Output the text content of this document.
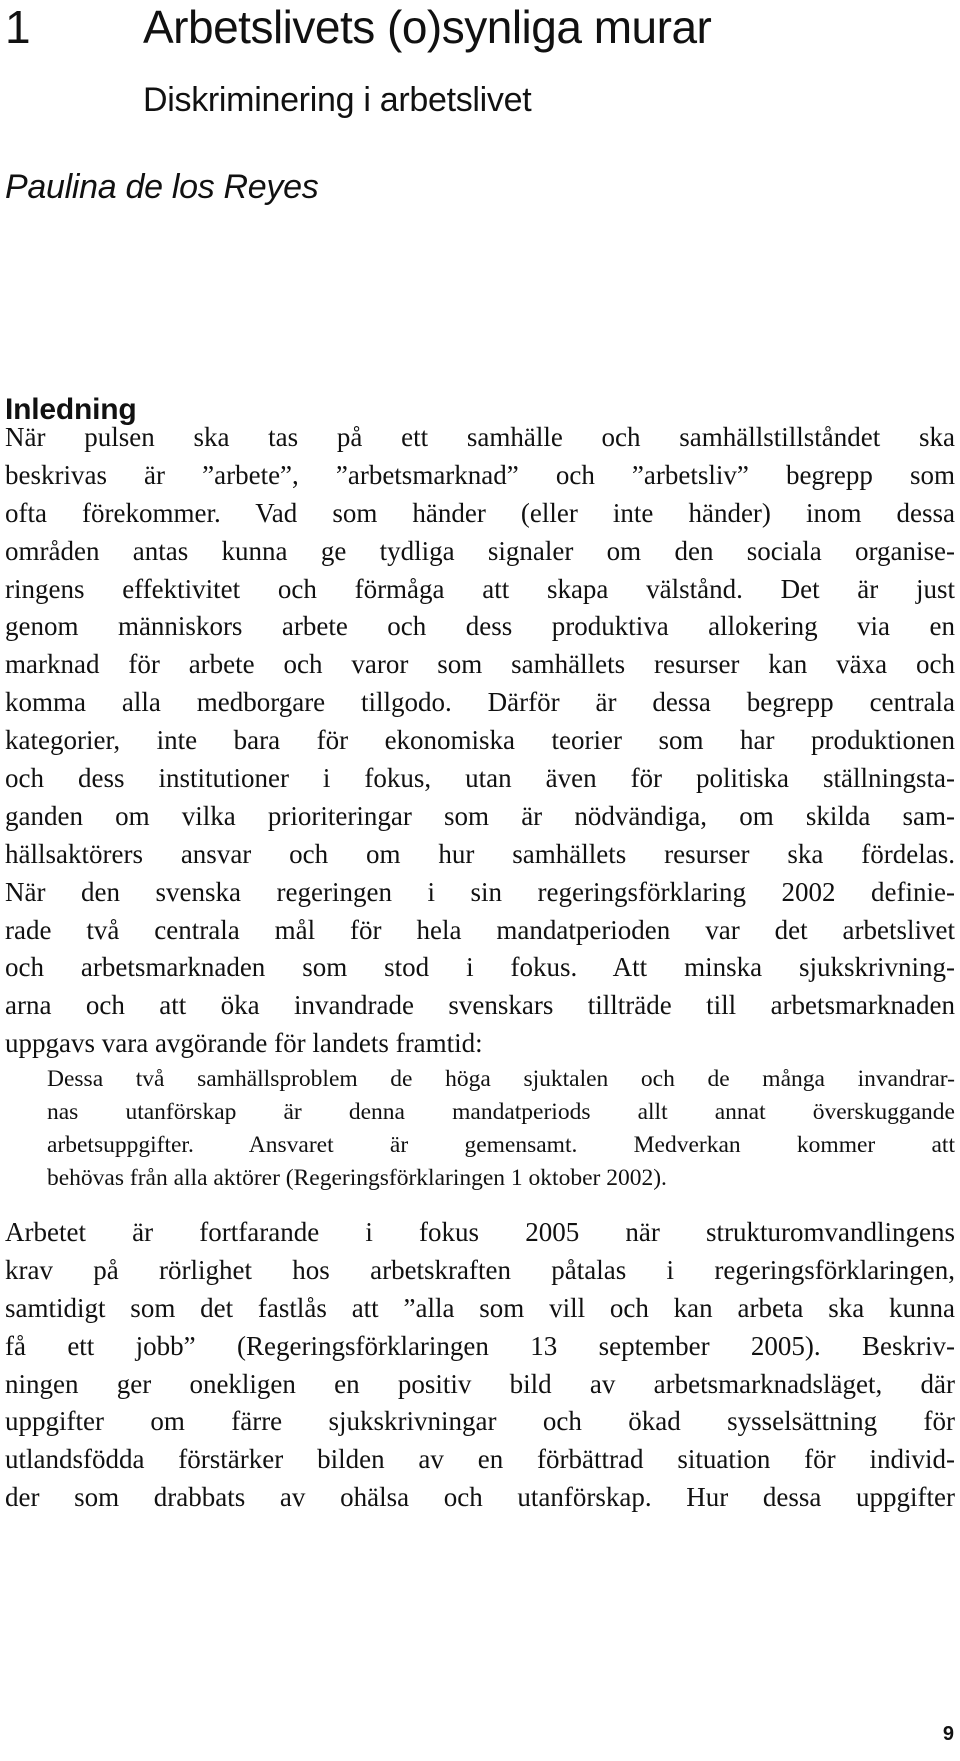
1 Arbetslivets (o)synliga murar
Diskriminering i arbetslivet
Paulina de los Reyes
Inledning
När pulsen ska tas på ett samhälle och samhällstillståndet ska
beskrivas är ”arbete”, ”arbetsmarknad” och ”arbetsliv” begrepp som
ofta förekommer. Vad som händer (eller inte händer) inom dessa
områden antas kunna ge tydliga signaler om den sociala organise-
ringens effektivitet och förmåga att skapa välstånd. Det är just
genom människors arbete och dess produktiva allokering via en
marknad för arbete och varor som samhällets resurser kan växa och
komma alla medborgare tillgodo. Därför är dessa begrepp centrala
kategorier, inte bara för ekonomiska teorier som har produktionen
och dess institutioner i fokus, utan även för politiska ställningsta-
ganden om vilka prioriteringar som är nödvändiga, om skilda sam-
hällsaktörers ansvar och om hur samhällets resurser ska fördelas.
När den svenska regeringen i sin regeringsförklaring 2002 definie-
rade två centrala mål för hela mandatperioden var det arbetslivet
och arbetsmarknaden som stod i fokus. Att minska sjukskrivning-
arna och att öka invandrade svenskars tillträde till arbetsmarknaden
uppgavs vara avgörande för landets framtid:
Dessa två samhällsproblem de höga sjuktalen och de många invandrar-
nas utanförskap är denna mandatperiods allt annat överskuggande
arbetsuppgifter. Ansvaret är gemensamt. Medverkan kommer att
behövas från alla aktörer (Regeringsförklaringen 1 oktober 2002).
Arbetet är fortfarande i fokus 2005 när strukturomvandlingens
krav på rörlighet hos arbetskraften påtalas i regeringsförklaringen,
samtidigt som det fastlås att ”alla som vill och kan arbeta ska kunna
få ett jobb” (Regeringsförklaringen 13 september 2005). Beskriv-
ningen ger onekligen en positiv bild av arbetsmarknadsläget, där
uppgifter om färre sjukskrivningar och ökad sysselsättning för
utlandsfödda förstärker bilden av en förbättrad situation för individ-
der som drabbats av ohälsa och utanförskap. Hur dessa uppgifter
9
